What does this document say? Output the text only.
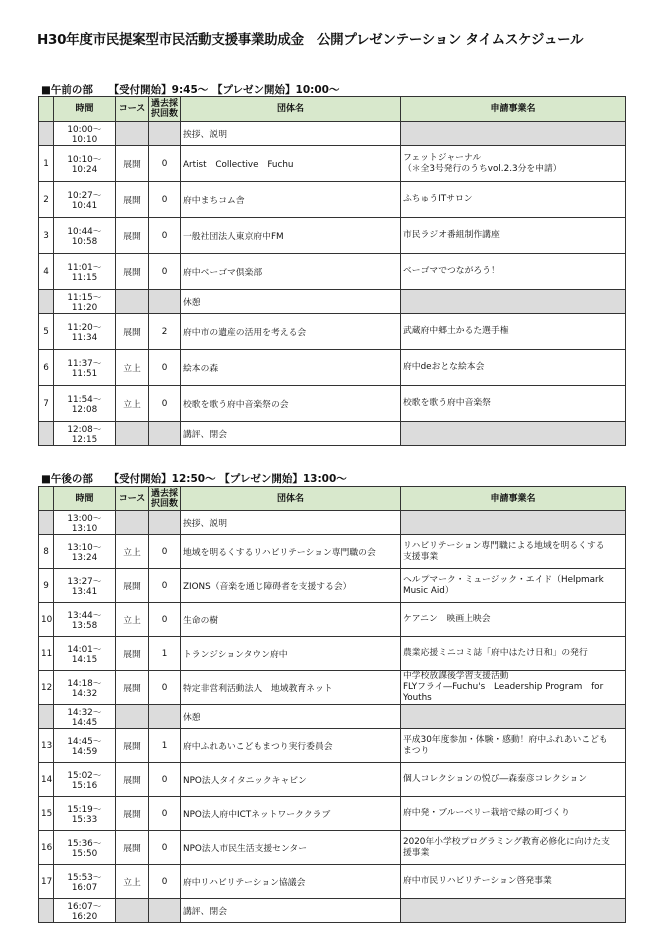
H30年度市民提案型市民活動支援事業助成金　公開プレゼンテーション タイムスケジュール
■午前の部　　【受付開始】9:45～ 【プレゼン開始】10:00～
	時間	コース	過去採
択回数	団体名	申請事業名
	10:00～10:10			挨拶、説明	
1	10:10～10:24	展開	0	Artist　Collective　Fuchu	フェットジャーナル
（＊全3号発行のうちvol.2.3分を申請）
2	10:27～10:41	展開	0	府中まちコム舎	ふちゅうITサロン
3	10:44～10:58	展開	0	一般社団法人東京府中FM	市民ラジオ番組制作講座
4	11:01～11:15	展開	0	府中ベーゴマ倶楽部	ベーゴマでつながろう！
	11:15～11:20			休憩	
5	11:20～11:34	展開	2	府中市の遺産の活用を考える会	武蔵府中郷土かるた選手権
6	11:37～11:51	立上	0	絵本の森	府中deおとな絵本会
7	11:54～12:08	立上	0	校歌を歌う府中音楽祭の会	校歌を歌う府中音楽祭
	12:08～12:15			講評、閉会	
■午後の部　　【受付開始】12:50～ 【プレゼン開始】13:00～
	時間	コース	過去採
択回数	団体名	申請事業名
	13:00～13:10			挨拶、説明	
8	13:10～13:24	立上	0	地域を明るくするリハビリテーション専門職の会	リハビリテーション専門職による地域を明るくする
支援事業
9	13:27～13:41	展開	0	ZIONS（音楽を通じ障碍者を支援する会）	ヘルプマーク・ミュージック・エイド（Helpmark
Music Aid）
10	13:44～13:58	立上	0	生命の樹	ケアニン　映画上映会
11	14:01～14:15	展開	1	トランジションタウン府中	農業応援ミニコミ誌「府中はたけ日和」の発行
12	14:18～14:32	展開	0	特定非営利活動法人　地域教育ネット	中学校放課後学習支援活動
FLYフライ―Fuchu's　Leadership Program　for
Youths
	14:32～14:45			休憩	
13	14:45～14:59	展開	1	府中ふれあいこどもまつり実行委員会	平成30年度参加・体験・感動！府中ふれあいこども
まつり
14	15:02～15:16	展開	0	NPO法人タイタニックキャビン	個人コレクションの悦び―森泰彦コレクション
15	15:19～15:33	展開	0	NPO法人府中ICTネットワーククラブ	府中発・ブルーベリー栽培で緑の町づくり
16	15:36～15:50	展開	0	NPO法人市民生活支援センター	2020年小学校プログラミング教育必修化に向けた支
援事業
17	15:53～16:07	立上	0	府中リハビリテーション協議会	府中市民リハビリテーション啓発事業
	16:07～16:20			講評、閉会	
